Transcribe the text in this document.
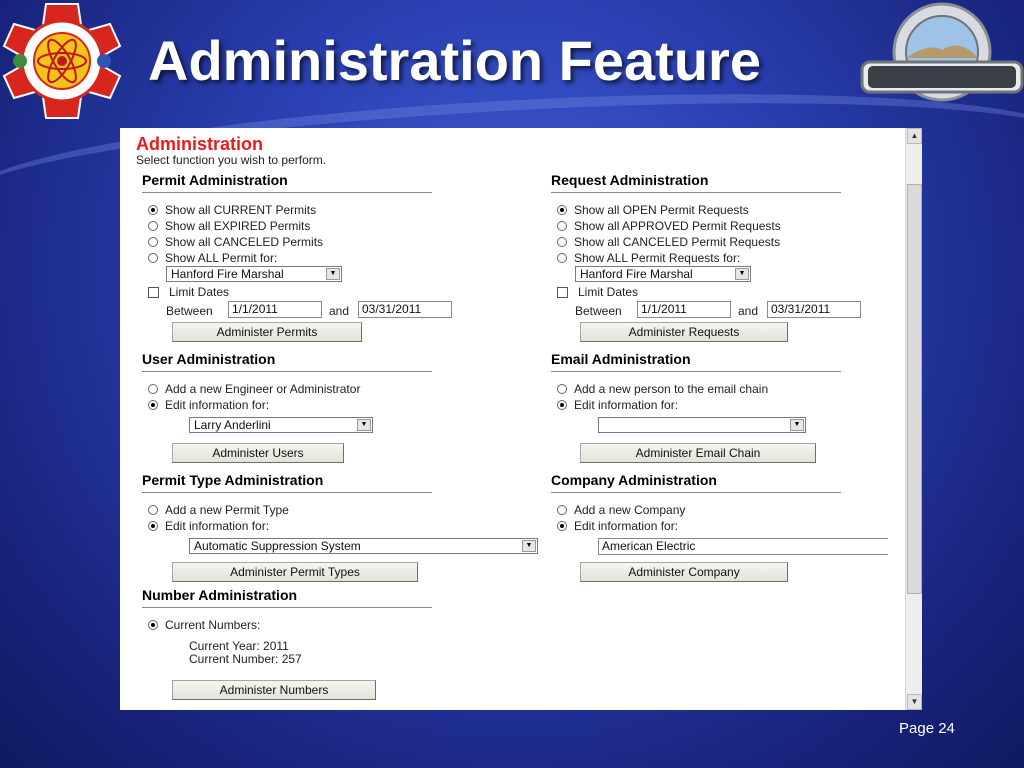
Administration Feature
Administration
Select function you wish to perform.
Permit Administration
Show all CURRENT Permits
Show all EXPIRED Permits
Show all CANCELED Permits
Show ALL Permit for:
Hanford Fire Marshal	▼
Limit Dates
Between	1/1/2011	and	03/31/2011
Administer Permits
Request Administration
Show all OPEN Permit Requests
Show all APPROVED Permit Requests
Show all CANCELED Permit Requests
Show ALL Permit Requests for:
Hanford Fire Marshal	▼
Limit Dates
Between	1/1/2011	and	03/31/2011
Administer Requests
User Administration
Add a new Engineer or Administrator
Edit information for:
Larry Anderlini	▼
Administer Users
Email Administration
Add a new person to the email chain
Edit information for:
▼
Administer Email Chain
Permit Type Administration
Add a new Permit Type
Edit information for:
Automatic Suppression System	▼
Administer Permit Types
Company Administration
Add a new Company
Edit information for:
American Electric
Administer Company
Number Administration
Current Numbers:
Current Year: 2011
Current Number: 257
Administer Numbers
▲
▼
Page 24
